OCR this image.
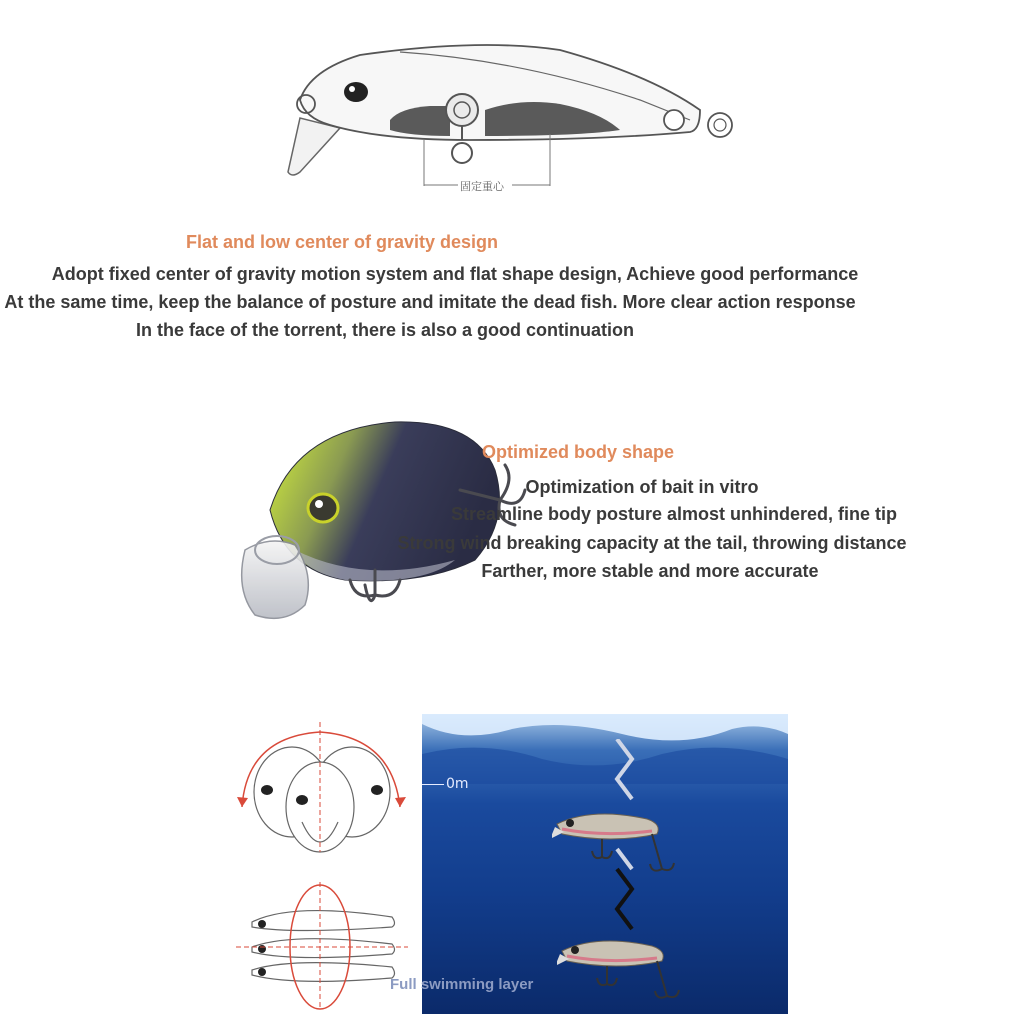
固定重心
Flat and low center of gravity design
Adopt fixed center of gravity motion system and flat shape design, Achieve good performance
At the same time, keep the balance of posture and imitate the dead fish. More clear action response
In the face of the torrent, there is also a good continuation
Optimized body shape
Optimization of bait in vitro
Streamline body posture almost unhindered, fine tip
Strong wind breaking capacity at the tail, throwing distance
Farther, more stable and more accurate
0m
Full swimming layer
